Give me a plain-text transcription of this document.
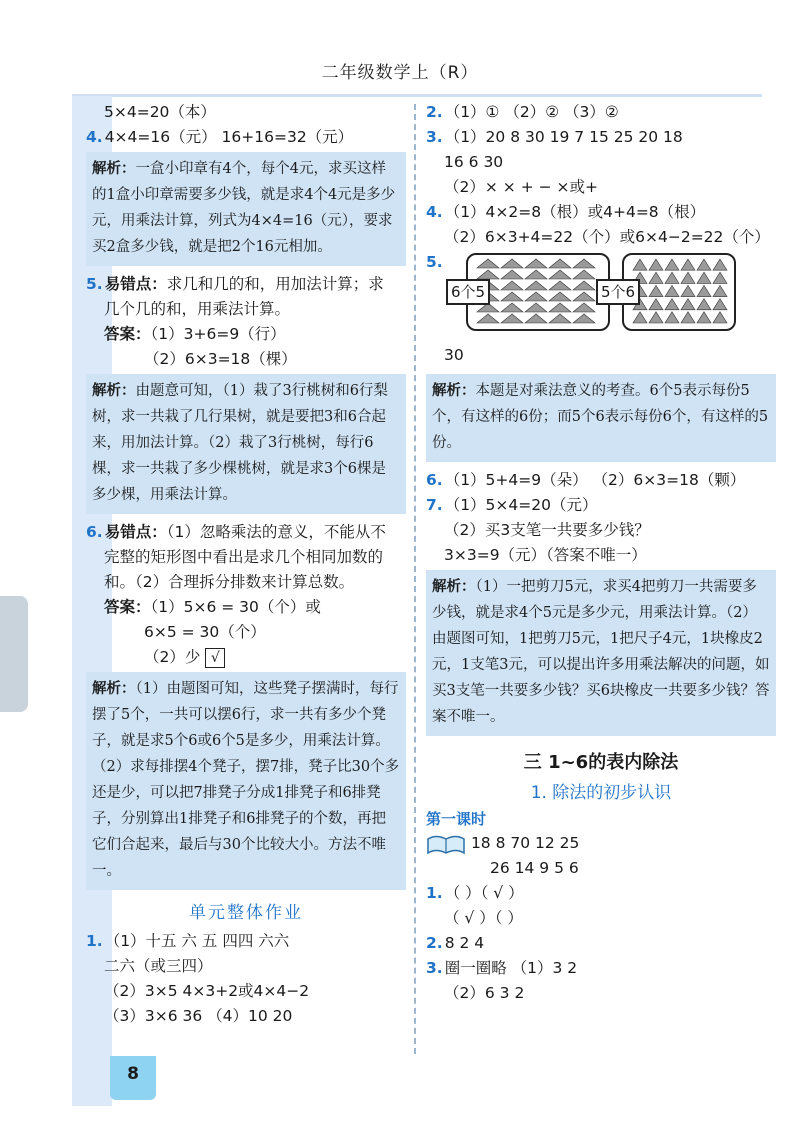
二年级数学上（R）
8
5×4=20（本）
4. 4×4=16（元） 16+16=32（元）
解析：一盒小印章有4个，每个4元，求买这样的1盒小印章需要多少钱，就是求4个4元是多少元，用乘法计算，列式为4×4=16（元），要求买2盒多少钱，就是把2个16元相加。
5. 易错点：求几和几的和，用加法计算；求
几个几的和，用乘法计算。
答案：（1）3+6=9（行）
（2）6×3=18（棵）
解析：由题意可知，（1）栽了3行桃树和6行梨树，求一共栽了几行果树，就是要把3和6合起来，用加法计算。（2）栽了3行桃树，每行6棵，求一共栽了多少棵桃树，就是求3个6棵是多少棵，用乘法计算。
6. 易错点：（1）忽略乘法的意义，不能从不
完整的矩形图中看出是求几个相同加数的
和。（2）合理拆分排数来计算总数。
答案：（1）5×6 = 30（个）或
6×5 = 30（个）
（2）少 √
解析：（1）由题图可知，这些凳子摆满时，每行摆了5个，一共可以摆6行，求一共有多少个凳子，就是求5个6或6个5是多少，用乘法计算。（2）求每排摆4个凳子，摆7排，凳子比30个多还是少，可以把7排凳子分成1排凳子和6排凳子，分别算出1排凳子和6排凳子的个数，再把它们合起来，最后与30个比较大小。方法不唯一。
单元整体作业
1. （1）十五 六 五 四四 六六
二六（或三四）
（2）3×5 4×3+2或4×4−2
（3）3×6 36 （4）10 20
2. （1）① （2）② （3）②
3. （1）20 8 30 19 7 15 25 20 18
16 6 30
（2）× × + − ×或+
4. （1）4×2=8（根）或4+4=8（根）
（2）6×3+4=22（个）或6×4−2=22（个）
5.
6个5	5个6
30
解析：本题是对乘法意义的考查。6个5表示每份5个，有这样的6份；而5个6表示每份6个，有这样的5份。
6. （1）5+4=9（朵） （2）6×3=18（颗）
7. （1）5×4=20（元）
（2）买3支笔一共要多少钱？
3×3=9（元）（答案不唯一）
解析：（1）一把剪刀5元，求买4把剪刀一共需要多少钱，就是求4个5元是多少元，用乘法计算。（2）由题图可知，1把剪刀5元，1把尺子4元，1块橡皮2元，1支笔3元，可以提出许多用乘法解决的问题，如买3支笔一共要多少钱？买6块橡皮一共要多少钱？答案不唯一。
三 1~6的表内除法
1. 除法的初步认识
第一课时
18 8 70 12 25
26 14 9 5 6
1. （ ）（ √ ）
（ √ ）（ ）
2. 8 2 4
3. 圈一圈略 （1）3 2
（2）6 3 2
